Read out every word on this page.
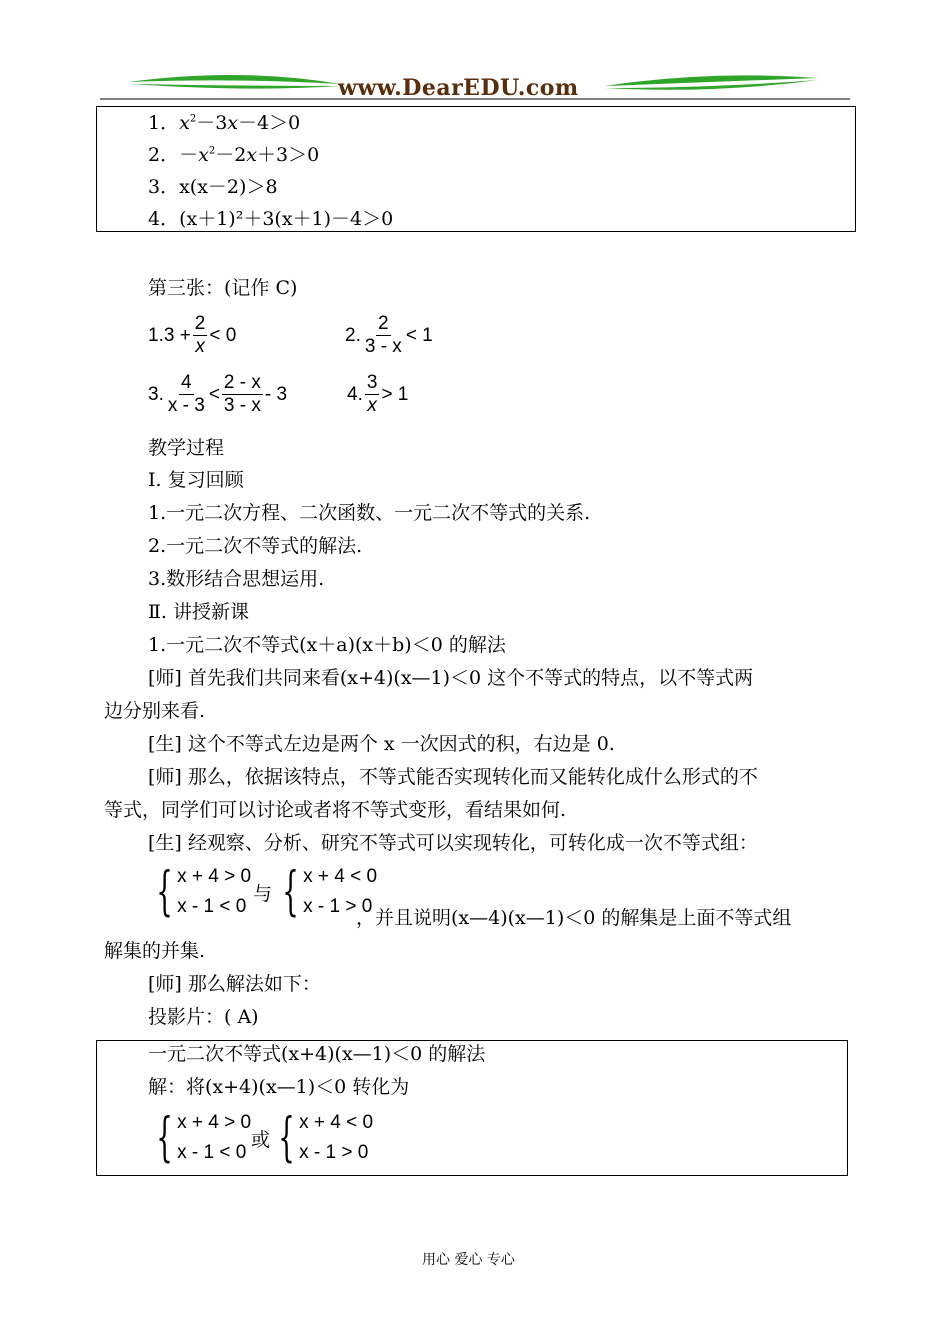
www.DearEDU.com
1．$x^2-3x-4>0$
2．$-x^2-2x+3>0$
3．x(x－2)＞8
4．(x＋1)²＋3(x＋1)－4＞0
第三张：(记作 C)
$1.3 + \frac{2}{x} < 0$	2. $\frac{2}{3 - x} < 1$
3. $\frac{4}{x - 3} < \frac{2 - x}{3 - x} - 3$	4. $\frac{3}{x} > 1$
教学过程
Ⅰ. 复习回顾
1.一元二次方程、二次函数、一元二次不等式的关系.
2.一元二次不等式的解法.
3.数形结合思想运用.
Ⅱ. 讲授新课
1.一元二次不等式(x＋a)(x＋b)＜0 的解法
[师] 首先我们共同来看(x+4)(x—1)＜0 这个不等式的特点，以不等式两
边分别来看.
[生] 这个不等式左边是两个 x 一次因式的积，右边是 0.
[师] 那么，依据该特点，不等式能否实现转化而又能转化成什么形式的不
等式，同学们可以讨论或者将不等式变形，看结果如何.
[生] 经观察、分析、研究不等式可以实现转化，可转化成一次不等式组：
{ x + 4 > 0
x - 1 < 0
与 { x + 4 < 0
x - 1 > 0
，并且说明(x—4)(x—1)＜0 的解集是上面不等式组
解集的并集.
[师] 那么解法如下：
投影片：( A)
一元二次不等式(x+4)(x—1)＜0 的解法
解：将(x+4)(x—1)＜0 转化为
{ x + 4 > 0
x - 1 < 0
或 { x + 4 < 0
x - 1 > 0
用心 爱心 专心
